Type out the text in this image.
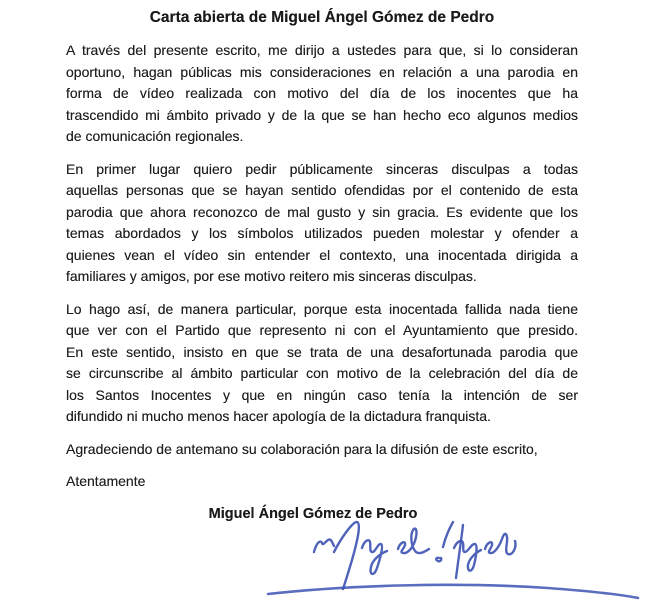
Carta abierta de Miguel Ángel Gómez de Pedro
A través del presente escrito, me dirijo a ustedes para que, si lo consideran
oportuno, hagan públicas mis consideraciones en relación a una parodia en
forma de vídeo realizada con motivo del día de los inocentes que ha
trascendido mi ámbito privado y de la que se han hecho eco algunos medios
de comunicación regionales.
En primer lugar quiero pedir públicamente sinceras disculpas a todas
aquellas personas que se hayan sentido ofendidas por el contenido de esta
parodia que ahora reconozco de mal gusto y sin gracia. Es evidente que los
temas abordados y los símbolos utilizados pueden molestar y ofender a
quienes vean el vídeo sin entender el contexto, una inocentada dirigida a
familiares y amigos, por ese motivo reitero mis sinceras disculpas.
Lo hago así, de manera particular, porque esta inocentada fallida nada tiene
que ver con el Partido que represento ni con el Ayuntamiento que presido.
En este sentido, insisto en que se trata de una desafortunada parodia que
se circunscribe al ámbito particular con motivo de la celebración del día de
los Santos Inocentes y que en ningún caso tenía la intención de ser
difundido ni mucho menos hacer apología de la dictadura franquista.
Agradeciendo de antemano su colaboración para la difusión de este escrito,
Atentamente
Miguel Ángel Gómez de Pedro
